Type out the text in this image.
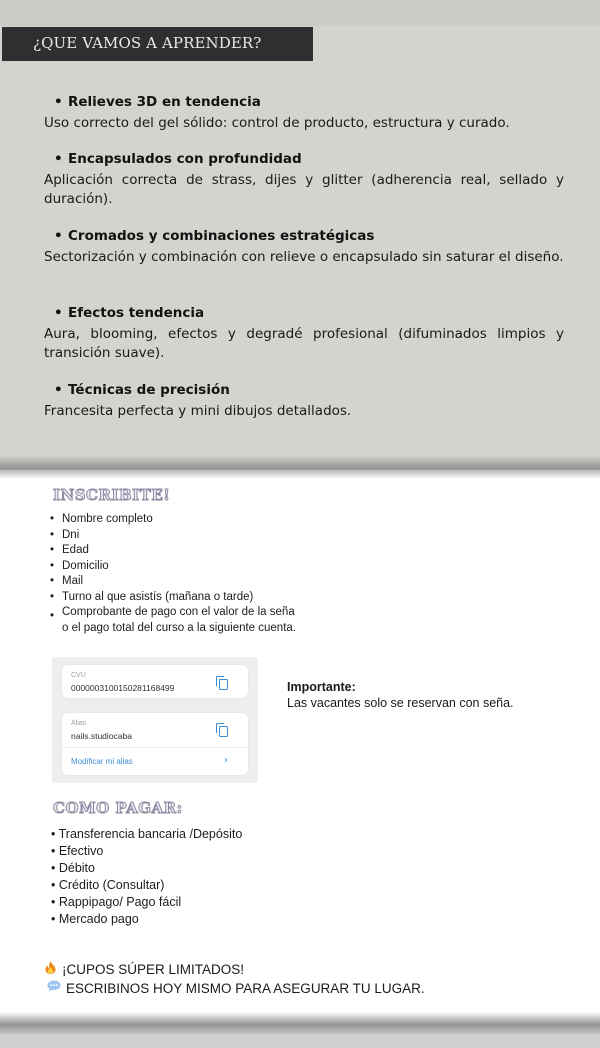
¿QUE VAMOS A APRENDER?
• Relieves 3D en tendencia
Uso correcto del gel sólido: control de producto, estructura y curado.
• Encapsulados con profundidad
Aplicación correcta de strass, dijes y glitter (adherencia real, sellado y duración).
• Cromados y combinaciones estratégicas
Sectorización y combinación con relieve o encapsulado sin saturar el diseño.
• Efectos tendencia
Aura, blooming, efectos y degradé profesional (difuminados limpios y transición suave).
• Técnicas de precisión
Francesita perfecta y mini dibujos detallados.
INSCRIBITE!
• Nombre completo
• Dni
• Edad
• Domicilio
• Mail
• Turno al que asistís (mañana o tarde)
• Comprobante de pago con el valor de la seña
o el pago total del curso a la siguiente cuenta.
CVU
0000003100150281168499
Alias
nails.studiocaba
Modificar mi alias	›
Importante:
Las vacantes solo se reservan con seña.
COMO PAGAR:
• Transferencia bancaria /Depósito
• Efectivo
• Débito
• Crédito (Consultar)
• Rappipago/ Pago fácil
• Mercado pago
¡CUPOS SÚPER LIMITADOS!
ESCRIBINOS HOY MISMO PARA ASEGURAR TU LUGAR.
